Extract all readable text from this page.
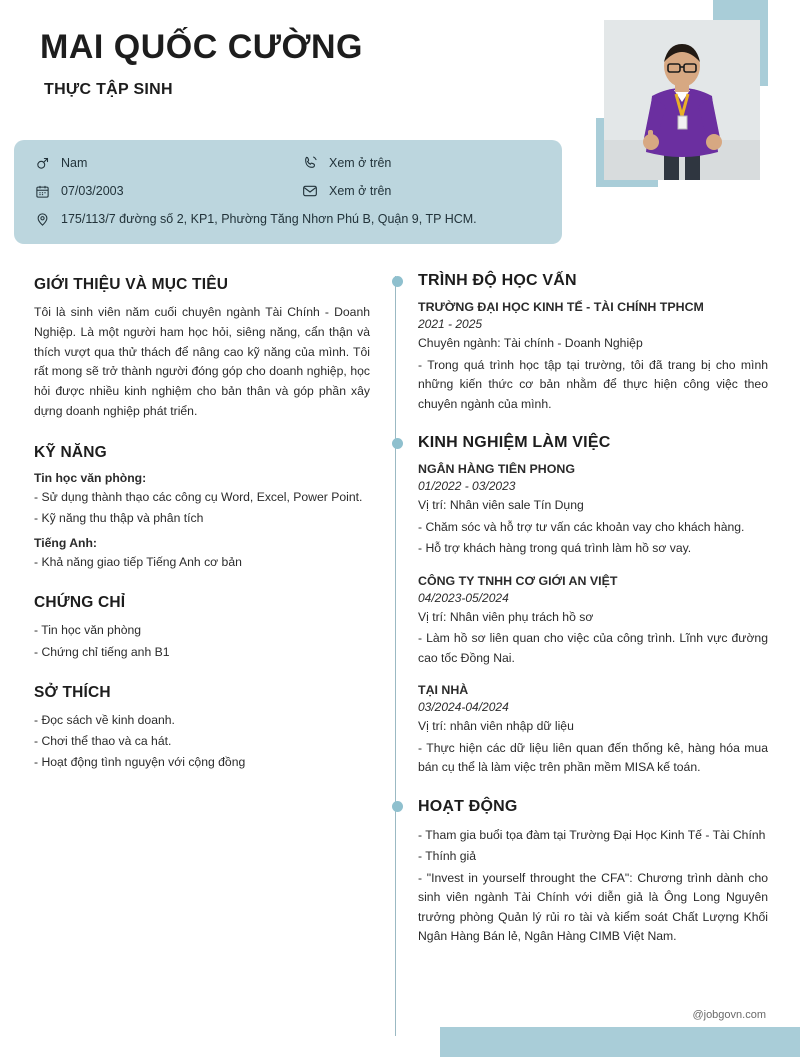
MAI QUỐC CƯỜNG
THỰC TẬP SINH
Nam	Xem ở trên
07/03/2003	Xem ở trên
175/113/7 đường số 2, KP1, Phường Tăng Nhơn Phú B, Quận 9, TP HCM.
GIỚI THIỆU VÀ MỤC TIÊU

Tôi là sinh viên năm cuối chuyên ngành Tài Chính - Doanh Nghiệp. Là một người ham học hỏi, siêng năng, cẩn thận và thích vượt qua thử thách để nâng cao kỹ năng của mình. Tôi rất mong sẽ trở thành người đóng góp cho doanh nghiệp, học hỏi được nhiều kinh nghiệm cho bản thân và góp phần xây dựng doanh nghiệp phát triển.

KỸ NĂNG
Tin học văn phòng:

- Sử dụng thành thạo các công cụ Word, Excel, Power Point.

- Kỹ năng thu thập và phân tích

Tiếng Anh:

- Khả năng giao tiếp Tiếng Anh cơ bản

CHỨNG CHỈ

- Tin học văn phòng

- Chứng chỉ tiếng anh B1

SỞ THÍCH

- Đọc sách về kinh doanh.

- Chơi thể thao và ca hát.

- Hoạt động tình nguyện với cộng đồng

TRÌNH ĐỘ HỌC VẤN

TRƯỜNG ĐẠI HỌC KINH TẾ - TÀI CHÍNH TPHCM

2021 - 2025

Chuyên ngành: Tài chính - Doanh Nghiệp

- Trong quá trình học tập tại trường, tôi đã trang bị cho mình những kiến thức cơ bản nhằm để thực hiện công việc theo chuyên ngành của mình.

KINH NGHIỆM LÀM VIỆC

NGÂN HÀNG TIÊN PHONG

01/2022 - 03/2023

Vị trí: Nhân viên sale Tín Dụng

- Chăm sóc và hỗ trợ tư vấn các khoản vay cho khách hàng.

- Hỗ trợ khách hàng trong quá trình làm hồ sơ vay.

CÔNG TY TNHH CƠ GIỚI AN VIỆT

04/2023-05/2024

Vị trí: Nhân viên phụ trách hồ sơ

- Làm hồ sơ liên quan cho việc của công trình. Lĩnh vực đường cao tốc Đồng Nai.

TẠI NHÀ

03/2024-04/2024

Vị trí: nhân viên nhập dữ liệu

- Thực hiện các dữ liệu liên quan đến thống kê, hàng hóa mua bán cụ thể là làm việc trên phần mềm MISA kế toán.

HOẠT ĐỘNG

- Tham gia buổi tọa đàm tại Trường Đại Học Kinh Tế - Tài Chính

- Thính giả

- "Invest in yourself throught the CFA": Chương trình dành cho sinh viên ngành Tài Chính với diễn giả là Ông Long Nguyên trưởng phòng Quản lý rủi ro tài và kiểm soát Chất Lượng Khối Ngân Hàng Bán lẻ, Ngân Hàng CIMB Việt Nam.

@jobgovn.com
